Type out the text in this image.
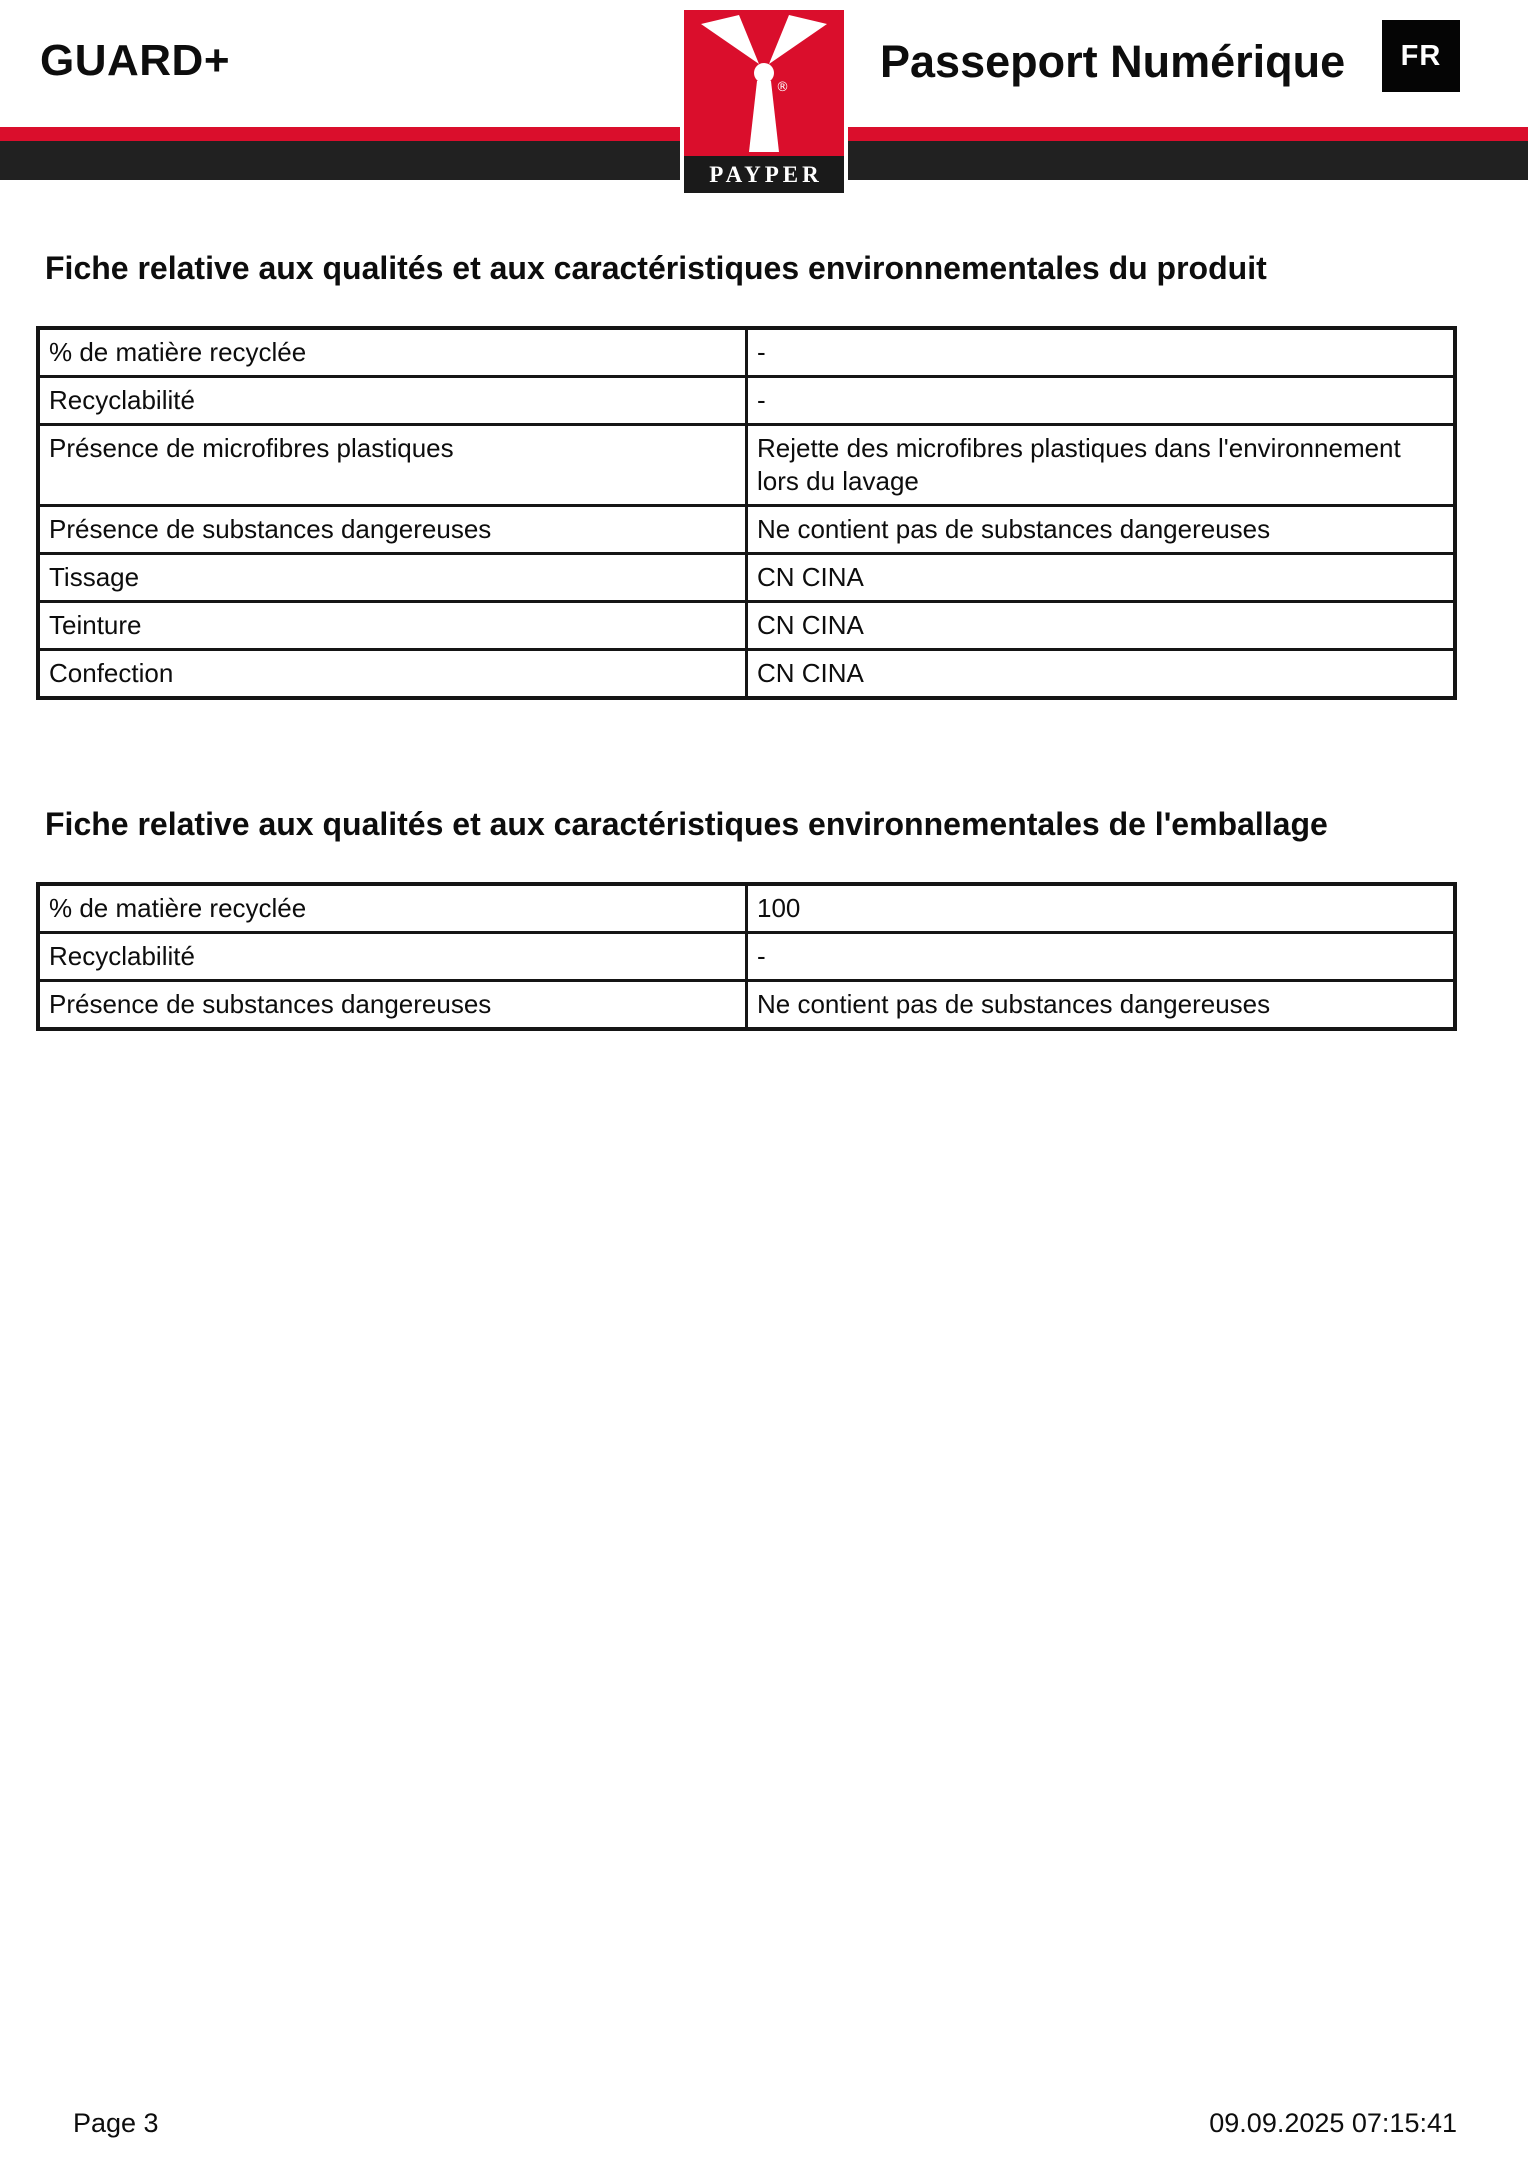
GUARD+	Passeport Numérique	FR
®
PAYPER
Fiche relative aux qualités et aux caractéristiques environnementales du produit
% de matière recyclée	-
Recyclabilité	-
Présence de microfibres plastiques	Rejette des microfibres plastiques dans l'environnement lors du lavage
Présence de substances dangereuses	Ne contient pas de substances dangereuses
Tissage	CN CINA
Teinture	CN CINA
Confection	CN CINA
Fiche relative aux qualités et aux caractéristiques environnementales de l'emballage
% de matière recyclée	100
Recyclabilité	-
Présence de substances dangereuses	Ne contient pas de substances dangereuses
Page 3	09.09.2025 07:15:41
